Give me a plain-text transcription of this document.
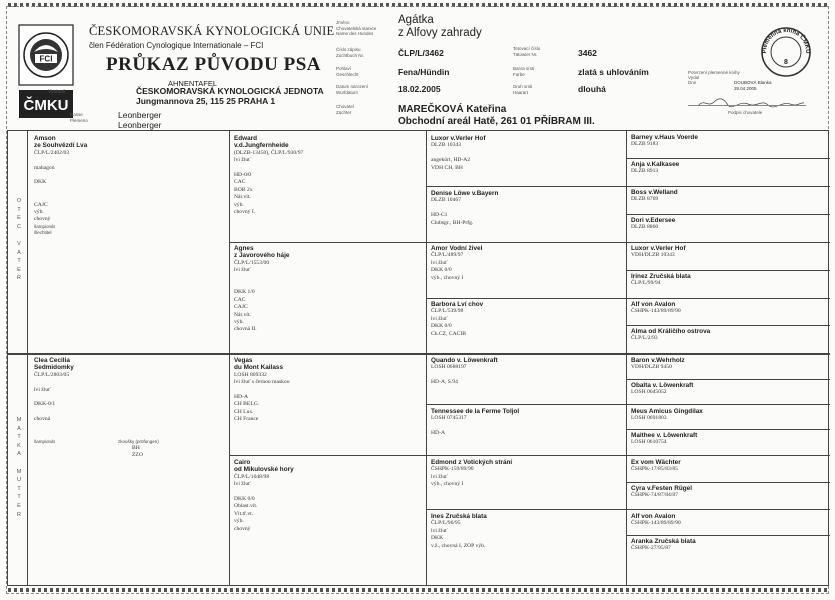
FCI
ČMKU
ČESKOMORAVSKÁ KYNOLOGICKÁ UNIE
člen Fédération Cynologique Internationale – FCI
PRŮKAZ PŮVODU PSA
AHNENTAFEL
Vystavil	ČESKOMORAVSKÁ KYNOLOGICKÁ JEDNOTA
Jungmannova 25, 115 25 PRAHA 1
Rasse
Plemeno
Leonberger
Leonberger
Jméno
Chovatelská stanice
Name des Hundes
Agátka
z Alfovy zahrady
Číslo zápisu
Zuchtbuch Nr.	ČLP/L/3462
Pohlaví
Geschlecht	Fena/Hündin
Datum narození
Wurfdatum	18.02.2005
Tetovací číslo
Tätowier Nr.	3462
Barva srsti
Farbe	zlatá s uhlováním
Druh srsti
Haarart	dlouhá
Chovatel
Züchter	MAREČKOVÁ Kateřina
Obchodní areál Hatě, 261 01 PŘÍBRAM III.
Plemenná kniha ČMKU
8
Potvrzení plemenné knihy
Vydal
Dne	DOUBOVÁ Blanka
28.04.2005
Podpis chovatele
O
T
E
C

V
A
T
E
R
M
A
T
K
A

M
U
T
T
E
R
Amson
ze Souhvězdí Lva
ČLP/L/2402/03

mahagon

DKK

CAJC
výb.
chovný
šampionát
šlechtitel
Clea Cecilia
Sedmidomky
ČLP/L/2803/05

lvi žluť

DKK-0/1

chovná

šampionát	zkoušky (prüfungen)
BH
ZZO
Edward
v.d.Jungfernheide
(DLZB-13450), ČLP/L/930/97
lvi žluť

HD-0/0
CAC
BOB 2x
Nár.vít.
výb.
chovný I.
Agnes
z Javorového háje
ČLP/L/1553/00
lvi žluť

DKK 1/0
CAC
CAJC
Nár.vít.
výb.
chovná II.
Vegas
du Mont Kailass
LOSH 809332
lvi žluť s černou maskou

HD-A
CH BELG.
CH Lux.
CH France
Cairo
od Mikulovské hory
ČLP/L/1048/98
lvi žluť

DKK 0/0
Oblast.vít.
Vít.tř.vt.
výb.
chovný
Luxor v.Verler Hof
DLZB 10343

angekört, HD-A2
VDH CH, BH
Denise Löwe v.Bayern
DLZB 10467

HD-C1
Clubsgr., BH-Prfg.
Amor Vodní živel
ČLP/L/489/97
lvi žluť
DKK 0/0
výb., chovný I
Barbora Lví chov
ČLP/L/539/98
lvi žluť
DKK 0/0
Ch.CZ, CACIB
Quando v. Löwenkraft
LOSH 0688197

HD-A, S.94
Tennessee de la Ferme Toljol
LOSH 0745317

HD-A
Edmond z Votických strání
ČSHPK-159/89/90
lvi žluť
výb., chovný I
Ines Zručská blata
ČLP/L/96/95
lvi žluť
DKK
v.ž., chovná I, ZOP výb.
Barney v.Haus Voerde
DLZB 9183
Anja v.Kalkasee
DLZB 8913
Boss v.Welland
DLZB 8769
Dori v.Edersee
DLZB 8860
Luxor v.Verler Hof
VDH/DLZB 10343
Irinez Zručská blata
ČLP/L/99/94
Alf von Avalon
ČSHPK-143/89/89/90
Alma od Králičího ostrova
ČLP/L/2/93
Baron v.Wehrholz
VDH/DLZB 9450
Obalta v. Löwenkraft
LOSH 0645052
Meus Amicus Gingdilax
LOSH 0691803
Maithee v. Löwenkraft
LOSH 0610754
Ex vom Wächter
ČSHPK-17/85/83/85
Cyra v.Festen Rügel
ČSHPK-74/87/84/87
Alf von Avalon
ČSHPK-143/89/89/90
Aranka Zručská blata
ČSHPK-27/95/87
